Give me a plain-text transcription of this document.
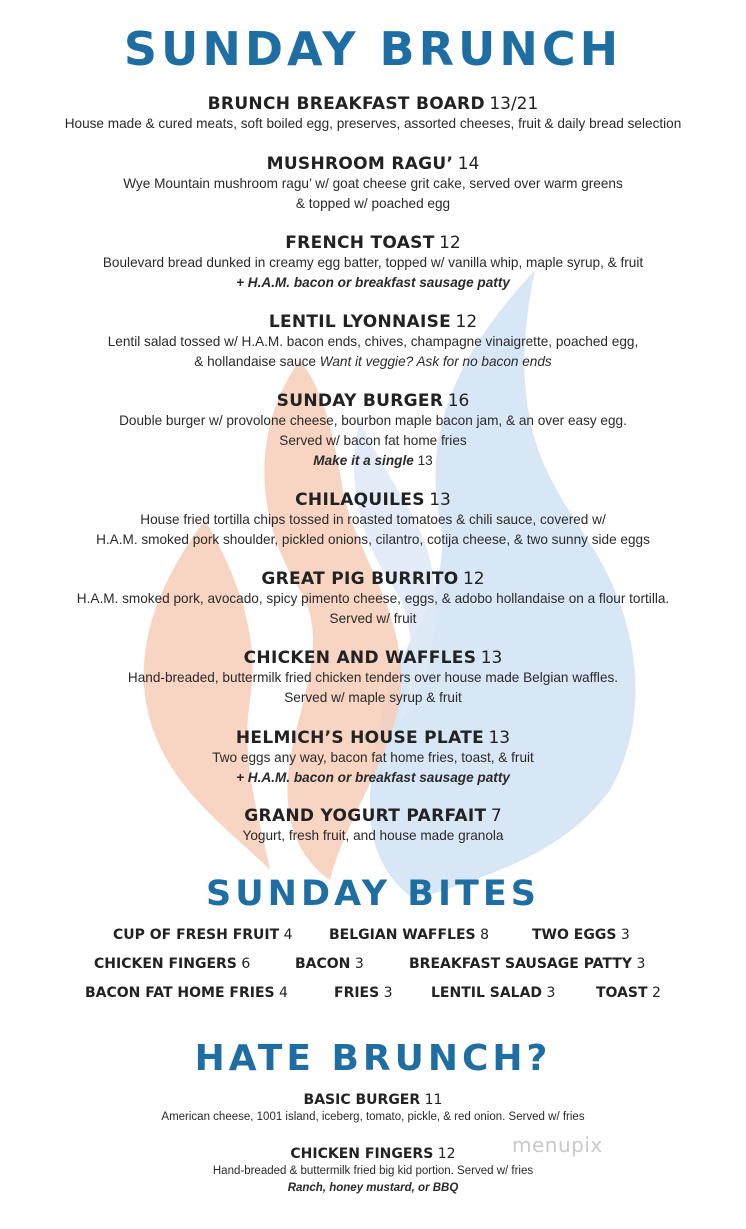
SUNDAY BRUNCH
BRUNCH BREAKFAST BOARD 13/21
House made & cured meats, soft boiled egg, preserves, assorted cheeses, fruit & daily bread selection
MUSHROOM RAGU’ 14
Wye Mountain mushroom ragu’ w/ goat cheese grit cake, served over warm greens
& topped w/ poached egg
FRENCH TOAST 12
Boulevard bread dunked in creamy egg batter, topped w/ vanilla whip, maple syrup, & fruit
+ H.A.M. bacon or breakfast sausage patty
LENTIL LYONNAISE 12
Lentil salad tossed w/ H.A.M. bacon ends, chives, champagne vinaigrette, poached egg,
& hollandaise sauce Want it veggie? Ask for no bacon ends
SUNDAY BURGER 16
Double burger w/ provolone cheese, bourbon maple bacon jam, & an over easy egg.
Served w/ bacon fat home fries
Make it a single 13
CHILAQUILES 13
House fried tortilla chips tossed in roasted tomatoes & chili sauce, covered w/
H.A.M. smoked pork shoulder, pickled onions, cilantro, cotija cheese, & two sunny side eggs
GREAT PIG BURRITO 12
H.A.M. smoked pork, avocado, spicy pimento cheese, eggs, & adobo hollandaise on a flour tortilla.
Served w/ fruit
CHICKEN AND WAFFLES 13
Hand-breaded, buttermilk fried chicken tenders over house made Belgian waffles.
Served w/ maple syrup & fruit
HELMICH’S HOUSE PLATE 13
Two eggs any way, bacon fat home fries, toast, & fruit
+ H.A.M. bacon or breakfast sausage patty
GRAND YOGURT PARFAIT 7
Yogurt, fresh fruit, and house made granola
SUNDAY BITES
CUP OF FRESH FRUIT 4	BELGIAN WAFFLES 8	TWO EGGS 3
CHICKEN FINGERS 6	BACON 3	BREAKFAST SAUSAGE PATTY 3
BACON FAT HOME FRIES 4	FRIES 3	LENTIL SALAD 3	TOAST 2
HATE BRUNCH?
BASIC BURGER 11
American cheese, 1001 island, iceberg, tomato, pickle, & red onion. Served w/ fries
CHICKEN FINGERS 12
Hand-breaded & buttermilk fried big kid portion. Served w/ fries
Ranch, honey mustard, or BBQ
menupix
